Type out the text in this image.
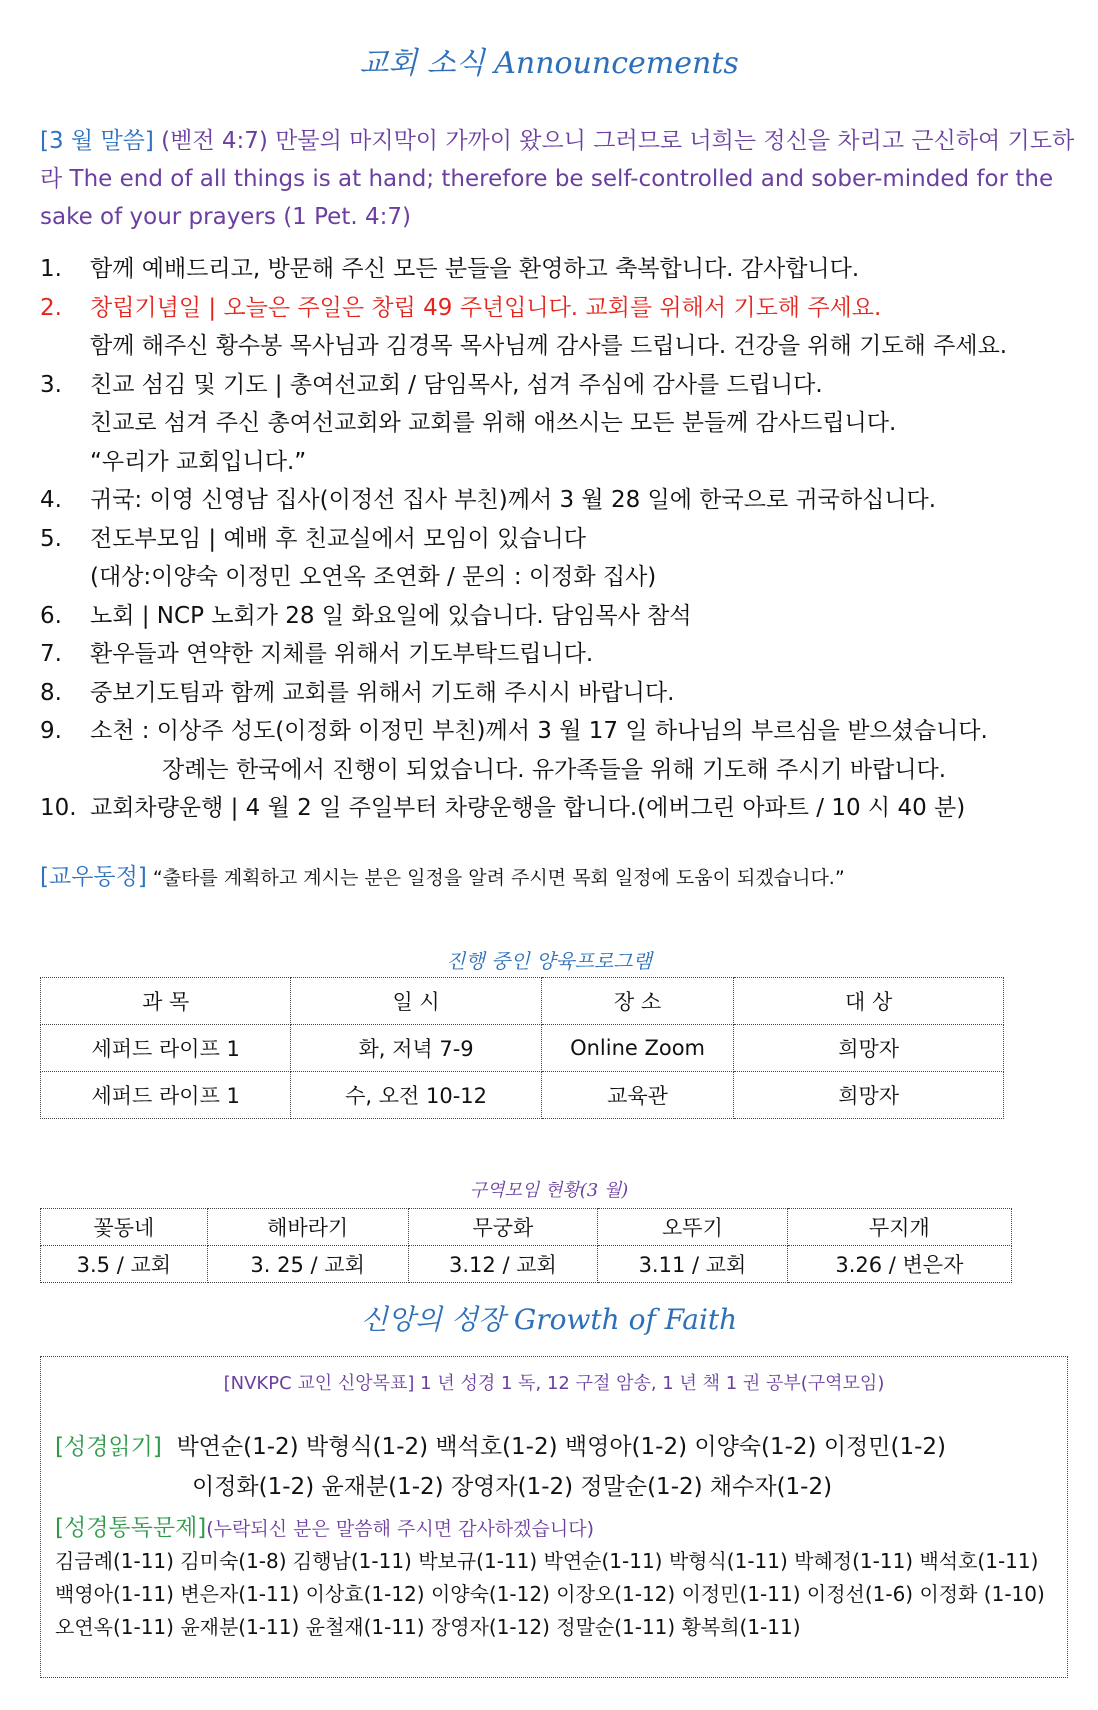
교회 소식 Announcements
[3 월 말씀] (벧전 4:7) 만물의 마지막이 가까이 왔으니 그러므로 너희는 정신을 차리고 근신하여 기도하라 The end of all things is at hand; therefore be self-controlled and sober-minded for the sake of your prayers (1 Pet. 4:7)
1.	함께 예배드리고, 방문해 주신 모든 분들을 환영하고 축복합니다. 감사합니다.
2.	창립기념일 | 오늘은 주일은 창립 49 주년입니다. 교회를 위해서 기도해 주세요.
함께 해주신 황수봉 목사님과 김경목 목사님께 감사를 드립니다. 건강을 위해 기도해 주세요.
3.	친교 섬김 및 기도 | 총여선교회 / 담임목사, 섬겨 주심에 감사를 드립니다.
친교로 섬겨 주신 총여선교회와 교회를 위해 애쓰시는 모든 분들께 감사드립니다.
“우리가 교회입니다.”
4.	귀국: 이영 신영남 집사(이정선 집사 부친)께서 3 월 28 일에 한국으로 귀국하십니다.
5.	전도부모임 | 예배 후 친교실에서 모임이 있습니다
(대상:이양숙 이정민 오연옥 조연화 / 문의 : 이정화 집사)
6.	노회 | NCP 노회가 28 일 화요일에 있습니다. 담임목사 참석
7.	환우들과 연약한 지체를 위해서 기도부탁드립니다.
8.	중보기도팀과 함께 교회를 위해서 기도해 주시시 바랍니다.
9.	소천 : 이상주 성도(이정화 이정민 부친)께서 3 월 17 일 하나님의 부르심을 받으셨습니다.
장례는 한국에서 진행이 되었습니다. 유가족들을 위해 기도해 주시기 바랍니다.
10. 교회차량운행 | 4 월 2 일 주일부터 차량운행을 합니다.(에버그린 아파트 / 10 시 40 분)
[교우동정] “출타를 계획하고 계시는 분은 일정을 알려 주시면 목회 일정에 도움이 되겠습니다.”
진행 중인 양육프로그램
과 목	일 시	장 소	대 상
세퍼드 라이프 1	화, 저녁 7-9	Online Zoom	희망자
세퍼드 라이프 1	수, 오전 10-12	교육관	희망자
구역모임 현황(3 월)
꽃동네	해바라기	무궁화	오뚜기	무지개
3.5 / 교회	3. 25 / 교회	3.12 / 교회	3.11 / 교회	3.26 / 변은자
신앙의 성장 Growth of Faith
[NVKPC 교인 신앙목표] 1 년 성경 1 독, 12 구절 암송, 1 년 책 1 권 공부(구역모임)
[성경읽기] 박연순(1-2) 박형식(1-2) 백석호(1-2) 백영아(1-2) 이양숙(1-2) 이정민(1-2)
이정화(1-2) 윤재분(1-2) 장영자(1-2) 정말순(1-2) 채수자(1-2)
[성경통독문제](누락되신 분은 말씀해 주시면 감사하겠습니다)
김금례(1-11) 김미숙(1-8) 김행남(1-11) 박보규(1-11) 박연순(1-11) 박형식(1-11) 박혜정(1-11) 백석호(1-11) 백영아(1-11) 변은자(1-11) 이상효(1-12) 이양숙(1-12) 이장오(1-12) 이정민(1-11) 이정선(1-6) 이정화 (1-10) 오연옥(1-11) 윤재분(1-11) 윤철재(1-11) 장영자(1-12) 정말순(1-11) 황복희(1-11)
